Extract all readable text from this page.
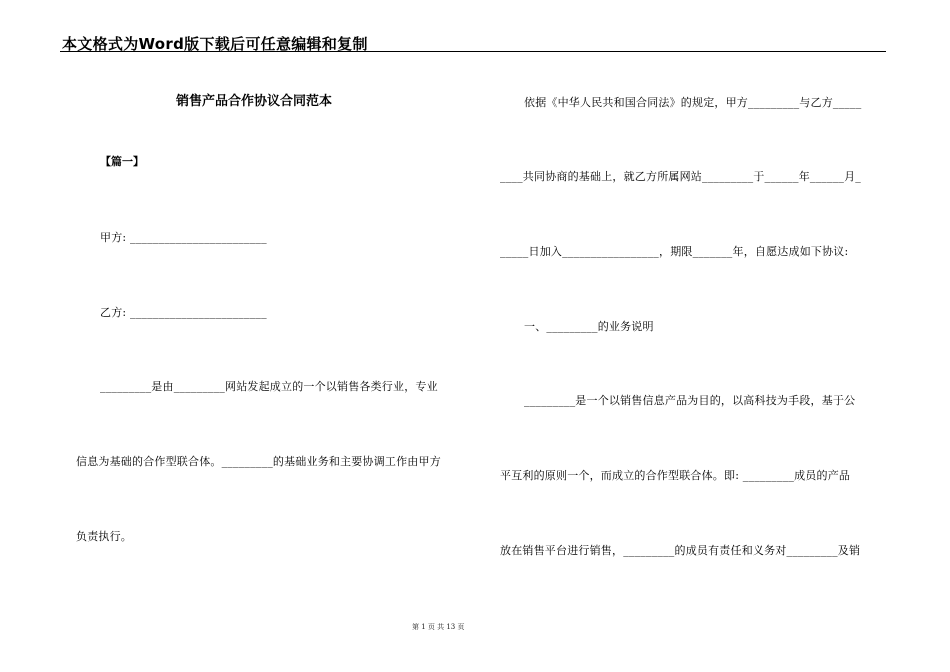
本文格式为Word版下载后可任意编辑和复制
销售产品合作协议合同范本
【篇一】
甲方: ________________________
乙方: ________________________
_________是由_________网站发起成立的一个以销售各类行业，专业
信息为基础的合作型联合体。_________的基础业务和主要协调工作由甲方
负责执行。
依据《中华人民共和国合同法》的规定，甲方_________与乙方_____
____共同协商的基础上，就乙方所属网站_________于______年______月_
_____日加入_________________，期限_______年，自愿达成如下协议:
一、_________的业务说明
_________是一个以销售信息产品为目的，以高科技为手段，基于公
平互利的原则一个，而成立的合作型联合体。即: _________成员的产品
放在销售平台进行销售，_________的成员有责任和义务对_________及销
第 1 页 共 13 页
